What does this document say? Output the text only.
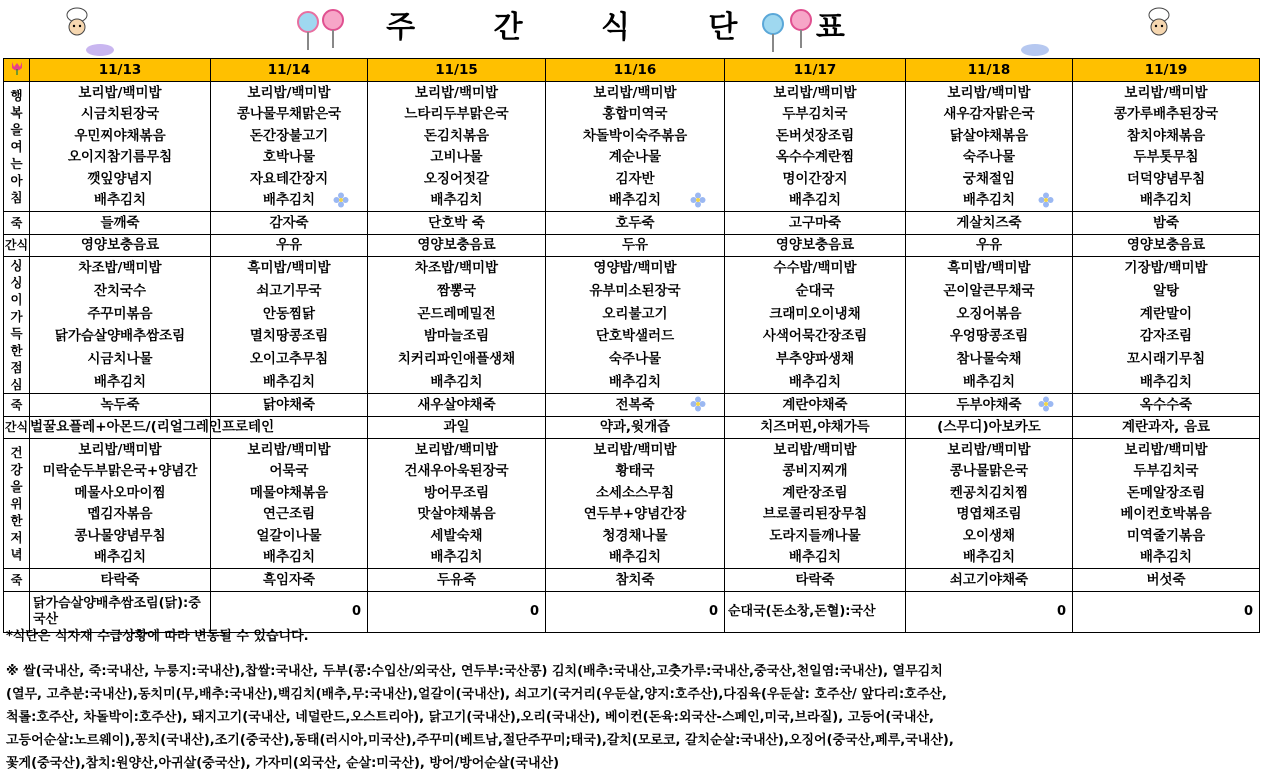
주 간 식 단 표
	11/13	11/14	11/15	11/16	11/17	11/18	11/19
행복을여는아침	보리밥/백미밥	보리밥/백미밥	보리밥/백미밥	보리밥/백미밥	보리밥/백미밥	보리밥/백미밥	보리밥/백미밥
	시금치된장국	콩나물무채맑은국	느타리두부맑은국	홍합미역국	두부김치국	새우감자맑은국	콩가루배추된장국
	우민찌야채볶음	돈간장불고기	돈김치볶음	차돌박이숙주볶음	돈버섯장조림	닭살야채볶음	참치야채볶음
	오이지참기름무침	호박나물	고비나물	계순나물	옥수수계란찜	숙주나물	두부톳무침
	깻잎양념지	자요테간장지	오징어젓갈	김자반	명이간장지	궁채절임	더덕양념무침
	배추김치	배추김치	배추김치	배추김치	배추김치	배추김치	배추김치
죽	들깨죽	감자죽	단호박 죽	호두죽	고구마죽	게살치즈죽	밤죽
간식	영양보충음료	우유	영양보충음료	두유	영양보충음료	우유	영양보충음료
싱싱이가득한점심	차조밥/백미밥	흑미밥/백미밥	차조밥/백미밥	영양밥/백미밥	수수밥/백미밥	흑미밥/백미밥	기장밥/백미밥
	잔치국수	쇠고기무국	짬뽕국	유부미소된장국	순대국	곤이알큰무채국	알탕
	주꾸미볶음	안동찜닭	곤드레메밀전	오리불고기	크래미오이냉채	오징어볶음	계란말이
	닭가슴살양배추쌈조림	멸치땅콩조림	밤마늘조림	단호박샐러드	사색어묵간장조림	우엉땅콩조림	감자조림
	시금치나물	오이고추무침	치커리파인애플생채	숙주나물	부추양파생채	참나물숙채	꼬시래기무침
	배추김치	배추김치	배추김치	배추김치	배추김치	배추김치	배추김치
죽	녹두죽	닭야채죽	새우살야채죽	전복죽	계란야채죽	두부야채죽	옥수수죽
간식	벌꿀요플레+아몬드/(리얼그레인프로테인		과일	약과,윗개즙	치즈머핀,야채가득	(스무디)아보카도	계란과자, 음료
건강을위한저녁	보리밥/백미밥	보리밥/백미밥	보리밥/백미밥	보리밥/백미밥	보리밥/백미밥	보리밥/백미밥	보리밥/백미밥
	미락순두부맑은국+양념간	어묵국	건새우아욱된장국	황태국	콩비지찌개	콩나물맑은국	두부김치국
	메물사오마이찜	메물야채볶음	방어무조림	소세소스무침	계란장조림	켄공치김치찜	돈메알장조림
	멥김자볶음	연근조림	맛살야채볶음	연두부+양념간장	브로콜리된장무침	명엽채조림	베이컨호박볶음
	콩나물양념무침	얼갈이나물	세발숙채	청경채나물	도라지들깨나물	오이생채	미역줄기볶음
	배추김치	배추김치	배추김치	배추김치	배추김치	배추김치	배추김치
죽	타락죽	흑임자죽	두유죽	참치죽	타락죽	쇠고기야채죽	버섯죽

	닭가슴살양배추쌈조림(닭):중국산	0	0	0	순대국(돈소창,돈혈):국산	0	0
*식단은 식자재 수급상황에 따라 변동될 수 있습니다.
※ 쌀(국내산, 죽:국내산, 누룽지:국내산),찹쌀:국내산, 두부(콩:수입산/외국산, 연두부:국산콩) 김치(배추:국내산,고춧가루:국내산,중국산,천일염:국내산), 열무김치
(열무, 고추분:국내산),동치미(무,배추:국내산),백김치(배추,무:국내산),얼갈이(국내산), 쇠고기(국거리(우둔살,양지:호주산),다짐육(우둔살: 호주산/ 앞다리:호주산,
척롤:호주산, 차돌박이:호주산), 돼지고기(국내산, 네덜란드,오스트리아), 닭고기(국내산),오리(국내산), 베이컨(돈육:외국산-스페인,미국,브라질), 고등어(국내산,
고등어순살:노르웨이),꽁치(국내산),조기(중국산),동태(러시아,미국산),주꾸미(베트남,절단주꾸미;태국),갈치(모로코, 갈치순살:국내산),오징어(중국산,페루,국내산),
꽃게(중국산),참치:원양산,아귀살(중국산), 가자미(외국산, 순살:미국산), 방어/방어순살(국내산)
